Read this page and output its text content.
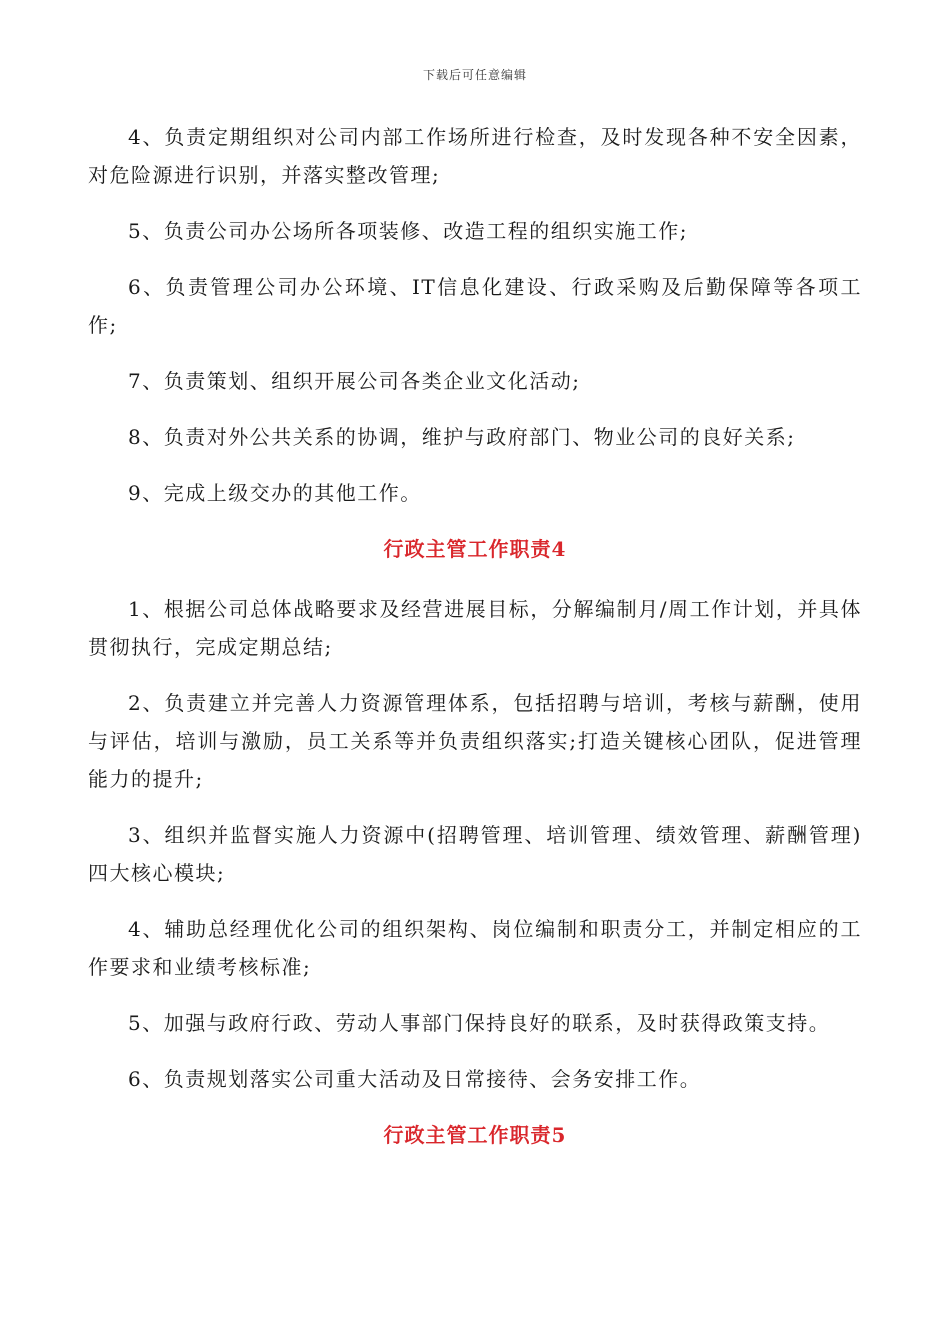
下载后可任意编辑

4、负责定期组织对公司内部工作场所进行检查，及时发现各种不安全因素，对危险源进行识别，并落实整改管理;

5、负责公司办公场所各项装修、改造工程的组织实施工作;

6、负责管理公司办公环境、IT信息化建设、行政采购及后勤保障等各项工作;

7、负责策划、组织开展公司各类企业文化活动;

8、负责对外公共关系的协调，维护与政府部门、物业公司的良好关系;

9、完成上级交办的其他工作。

行政主管工作职责4

1、根据公司总体战略要求及经营进展目标，分解编制月/周工作计划，并具体贯彻执行，完成定期总结;

2、负责建立并完善人力资源管理体系，包括招聘与培训，考核与薪酬，使用与评估，培训与激励，员工关系等并负责组织落实;打造关键核心团队，促进管理能力的提升;

3、组织并监督实施人力资源中(招聘管理、培训管理、绩效管理、薪酬管理)四大核心模块;

4、辅助总经理优化公司的组织架构、岗位编制和职责分工，并制定相应的工作要求和业绩考核标准;

5、加强与政府行政、劳动人事部门保持良好的联系，及时获得政策支持。

6、负责规划落实公司重大活动及日常接待、会务安排工作。

行政主管工作职责5
